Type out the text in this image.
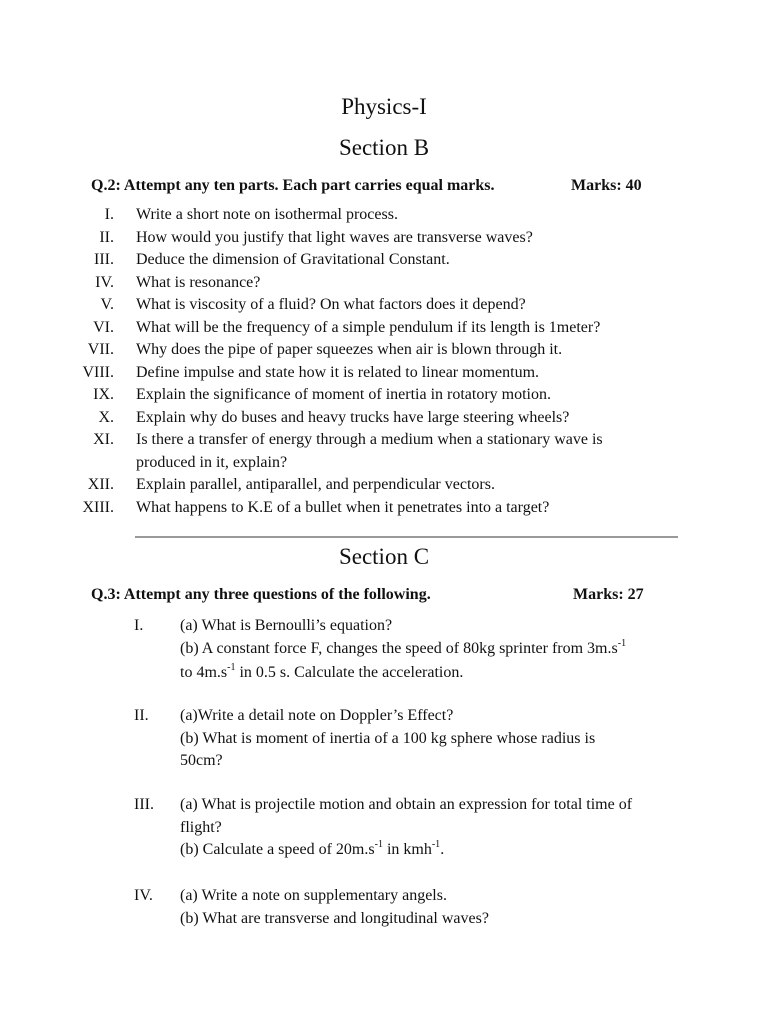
Physics-I
Section B
Q.2: Attempt any ten parts. Each part carries equal marks.	Marks: 40
I. Write a short note on isothermal process.
II. How would you justify that light waves are transverse waves?
III. Deduce the dimension of Gravitational Constant.
IV. What is resonance?
V. What is viscosity of a fluid? On what factors does it depend?
VI. What will be the frequency of a simple pendulum if its length is 1meter?
VII. Why does the pipe of paper squeezes when air is blown through it.
VIII. Define impulse and state how it is related to linear momentum.
IX. Explain the significance of moment of inertia in rotatory motion.
X. Explain why do buses and heavy trucks have large steering wheels?
XI. Is there a transfer of energy through a medium when a stationary wave is
produced in it, explain?
XII. Explain parallel, antiparallel, and perpendicular vectors.
XIII. What happens to K.E of a bullet when it penetrates into a target?
Section C
Q.3: Attempt any three questions of the following.	Marks: 27
I. (a) What is Bernoulli’s equation?
(b) A constant force F, changes the speed of 80kg sprinter from $3m.s^{-1}$
to $4m.s^{-1}$ in 0.5 s. Calculate the acceleration.
II. (a)Write a detail note on Doppler’s Effect?
(b) What is moment of inertia of a 100 kg sphere whose radius is
50cm?
III. (a) What is projectile motion and obtain an expression for total time of
flight?
(b) Calculate a speed of $20m.s^{-1}$ in kmh$^{-1}$.
IV. (a) Write a note on supplementary angels.
(b) What are transverse and longitudinal waves?
